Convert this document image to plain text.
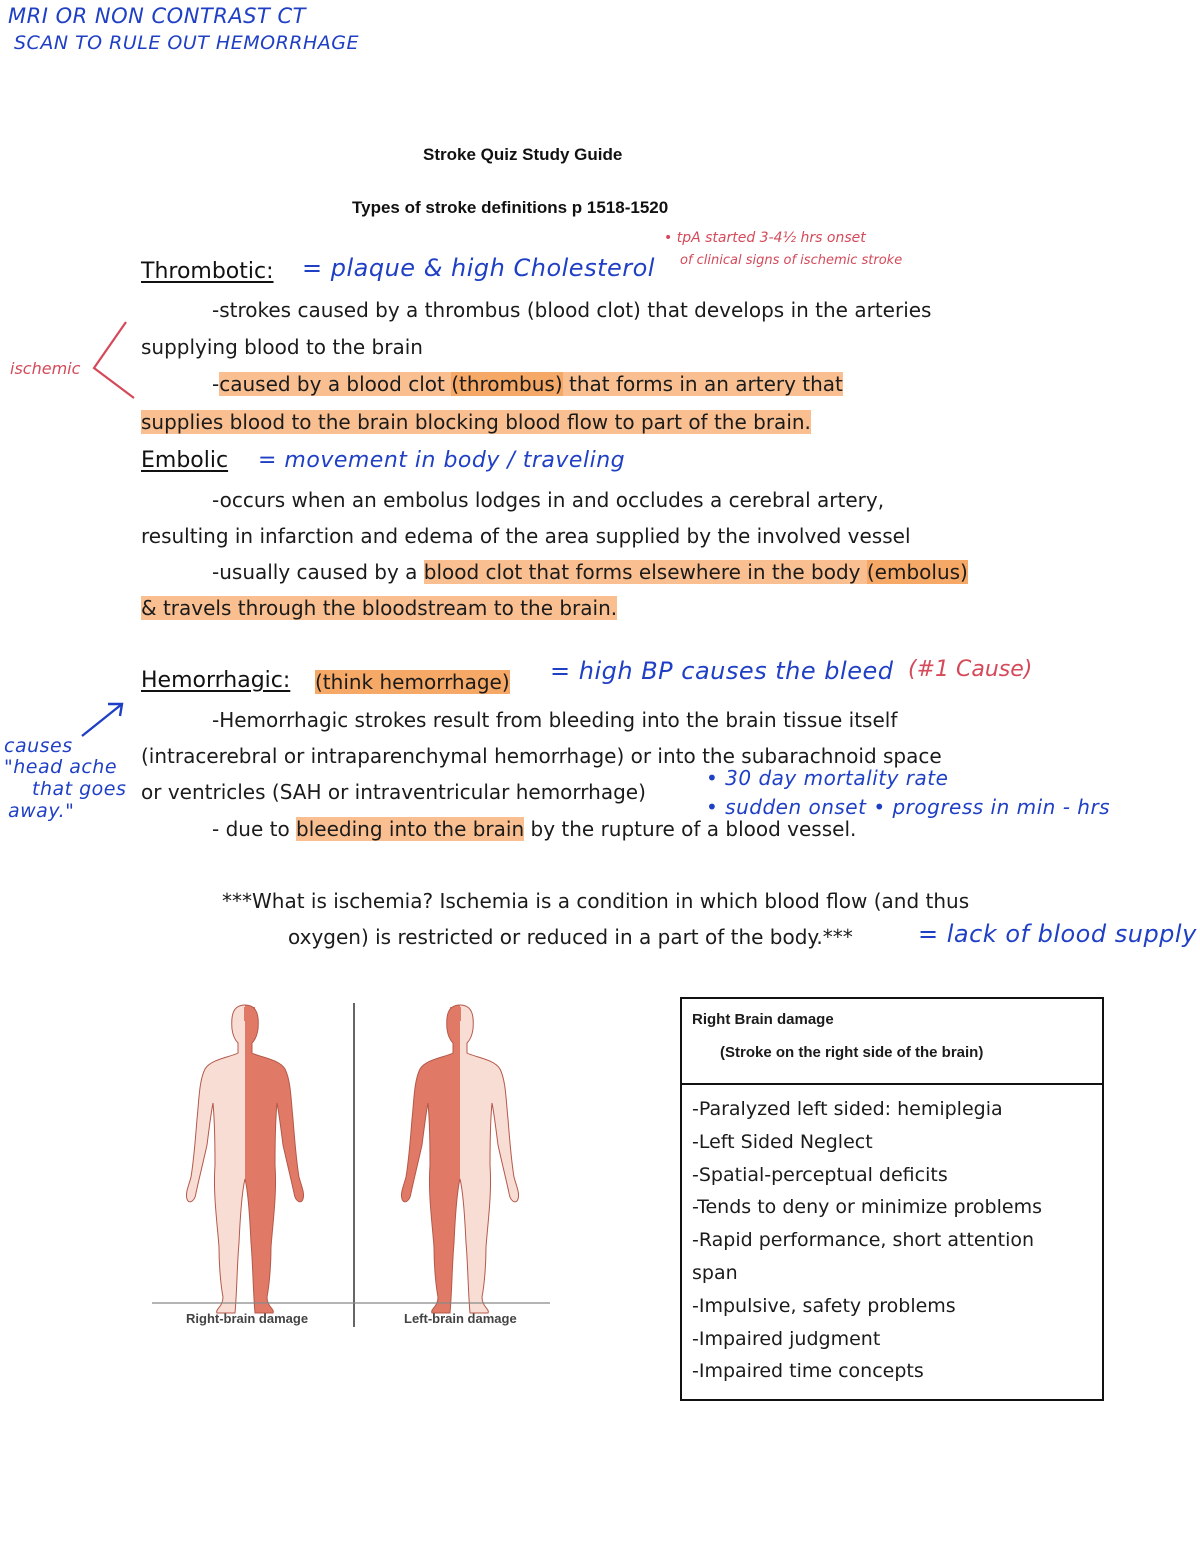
MRI OR NON CONTRAST CT
SCAN TO RULE OUT HEMORRHAGE
• tpA started 3-4½ hrs onset
of clinical signs of ischemic stroke
ischemic
Stroke Quiz Study Guide
Types of stroke definitions p 1518-1520
Thrombotic: = plaque & high Cholesterol
-strokes caused by a thrombus (blood clot) that develops in the arteries
supplying blood to the brain
-caused by a blood clot (thrombus) that forms in an artery that
supplies blood to the brain blocking blood flow to part of the brain.
Embolic = movement in body / traveling
-occurs when an embolus lodges in and occludes a cerebral artery,
resulting in infarction and edema of the area supplied by the involved vessel
-usually caused by a blood clot that forms elsewhere in the body (embolus)
& travels through the bloodstream to the brain.
Hemorrhagic: (think hemorrhage) = high BP causes the bleed (#1 Cause)
causes
"head ache
that goes
away."
-Hemorrhagic strokes result from bleeding into the brain tissue itself
(intracerebral or intraparenchymal hemorrhage) or into the subarachnoid space
or ventricles (SAH or intraventricular hemorrhage)
• 30 day mortality rate
• sudden onset • progress in min - hrs
- due to bleeding into the brain by the rupture of a blood vessel.
***What is ischemia? Ischemia is a condition in which blood flow (and thus
oxygen) is restricted or reduced in a part of the body.***	= lack of blood supply
Right-brain damage	Left-brain damage
Right Brain damage
(Stroke on the right side of the brain)
-Paralyzed left sided: hemiplegia
-Left Sided Neglect
-Spatial-perceptual deficits
-Tends to deny or minimize problems
-Rapid performance, short attention
span
-Impulsive, safety problems
-Impaired judgment
-Impaired time concepts
